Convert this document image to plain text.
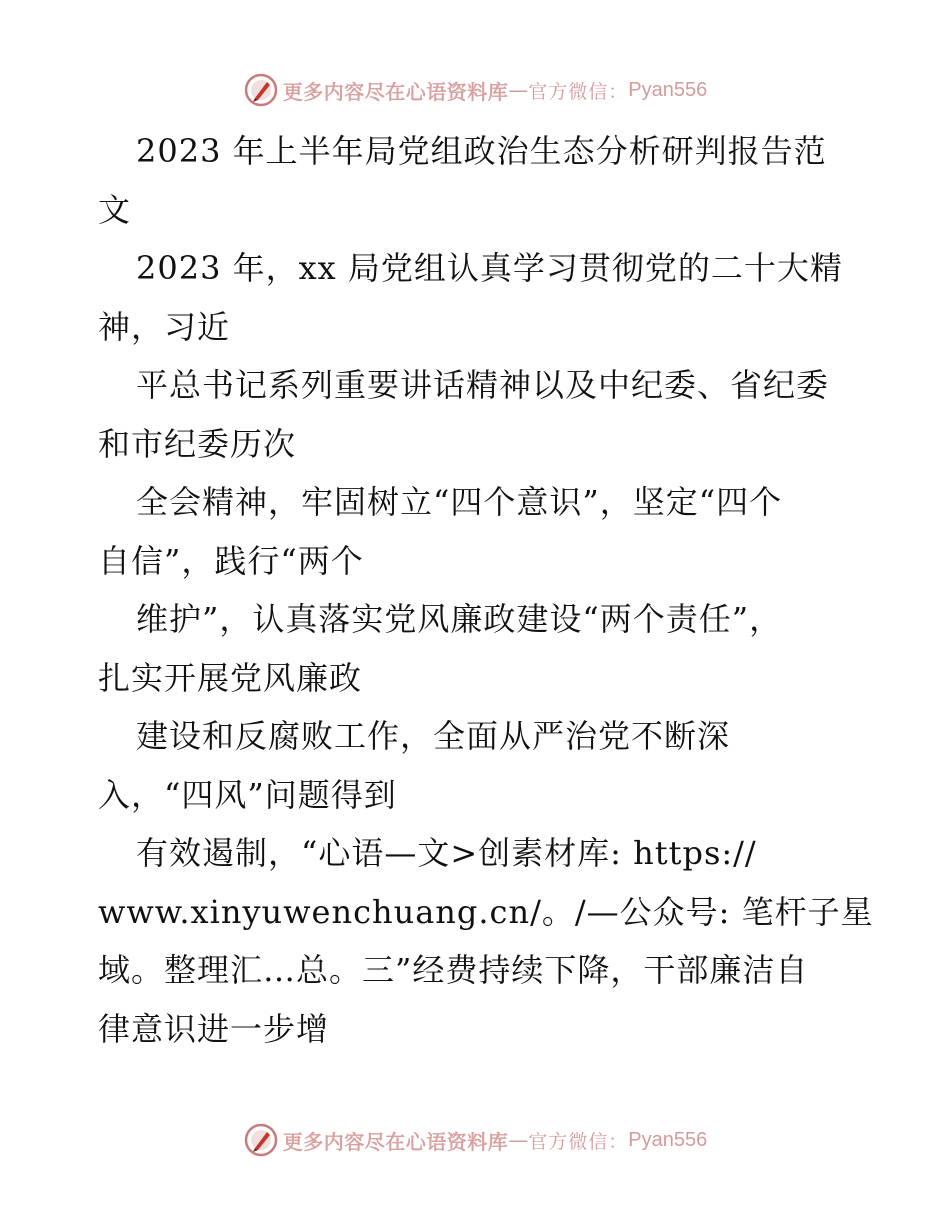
更多内容尽在心语资料库 — 官方微信： Pyan556
2023 年上半年局党组政治生态分析研判报告范
文
2023 年，xx 局党组认真学习贯彻党的二十大精
神，习近
平总书记系列重要讲话精神以及中纪委、省纪委
和市纪委历次
全会精神，牢固树立“四个意识”，坚定“四个
自信”，践行“两个
维护”，认真落实党风廉政建设“两个责任”，
扎实开展党风廉政
建设和反腐败工作，全面从严治党不断深
入，“四风”问题得到
有效遏制，“心语—文>创素材库: https://
www.xinyuwenchuang.cn/。/—公众号: 笔杆子星
域。整理汇…总。三”经费持续下降，干部廉洁自
律意识进一步增
更多内容尽在心语资料库 — 官方微信： Pyan556
